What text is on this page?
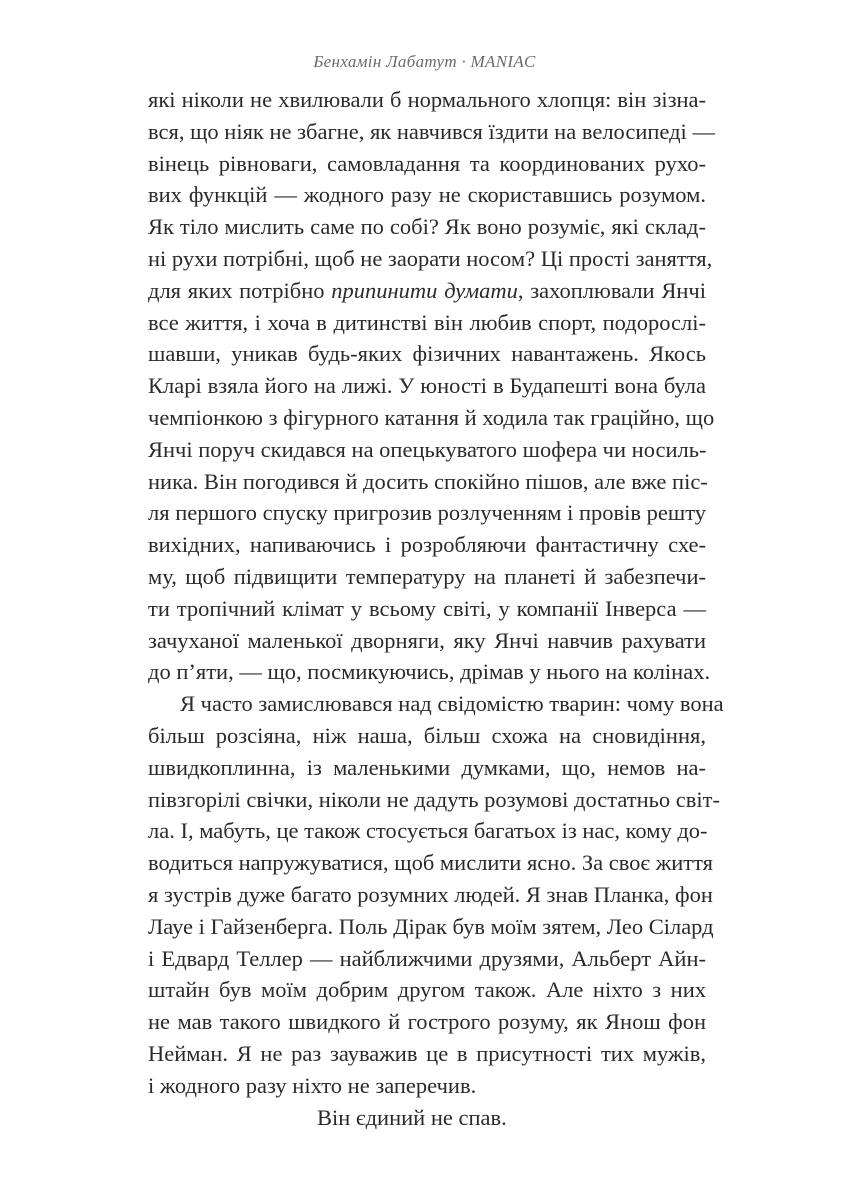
Бенхамін Лабатут · MANIAC
які ніколи не хвилювали б нормального хлопця: він зізна-
вся, що ніяк не збагне, як навчився їздити на велосипеді —
вінець рівноваги, самовладання та координованих рухо-
вих функцій — жодного разу не скориставшись розумом.
Як тіло мислить саме по собі? Як воно розуміє, які склад-
ні рухи потрібні, щоб не заорати носом? Ці прості заняття,
для яких потрібно припинити думати, захоплювали Янчі
все життя, і хоча в дитинстві він любив спорт, подорослі-
шавши, уникав будь-яких фізичних навантажень. Якось
Кларі взяла його на лижі. У юності в Будапешті вона була
чемпіонкою з фігурного катання й ходила так граційно, що
Янчі поруч скидався на опецькуватого шофера чи носиль-
ника. Він погодився й досить спокійно пішов, але вже піс-
ля першого спуску пригрозив розлученням і провів решту
вихідних, напиваючись і розробляючи фантастичну схе-
му, щоб підвищити температуру на планеті й забезпечи-
ти тропічний клімат у всьому світі, у компанії Інверса —
зачуханої маленької дворняги, яку Янчі навчив рахувати
до п’яти, — що, посмикуючись, дрімав у нього на колінах.
Я часто замислювався над свідомістю тварин: чому вона
більш розсіяна, ніж наша, більш схожа на сновидіння,
швидкоплинна, із маленькими думками, що, немов на-
півзгорілі свічки, ніколи не дадуть розумові достатньо світ-
ла. І, мабуть, це також стосується багатьох із нас, кому до-
водиться напружуватися, щоб мислити ясно. За своє життя
я зустрів дуже багато розумних людей. Я знав Планка, фон
Лауе і Гайзенберга. Поль Дірак був моїм зятем, Лео Сілард
і Едвард Теллер — найближчими друзями, Альберт Айн-
штайн був моїм добрим другом також. Але ніхто з них
не мав такого швидкого й гострого розуму, як Янош фон
Нейман. Я не раз зауважив це в присутності тих мужів,
і жодного разу ніхто не заперечив.
Він єдиний не спав.
